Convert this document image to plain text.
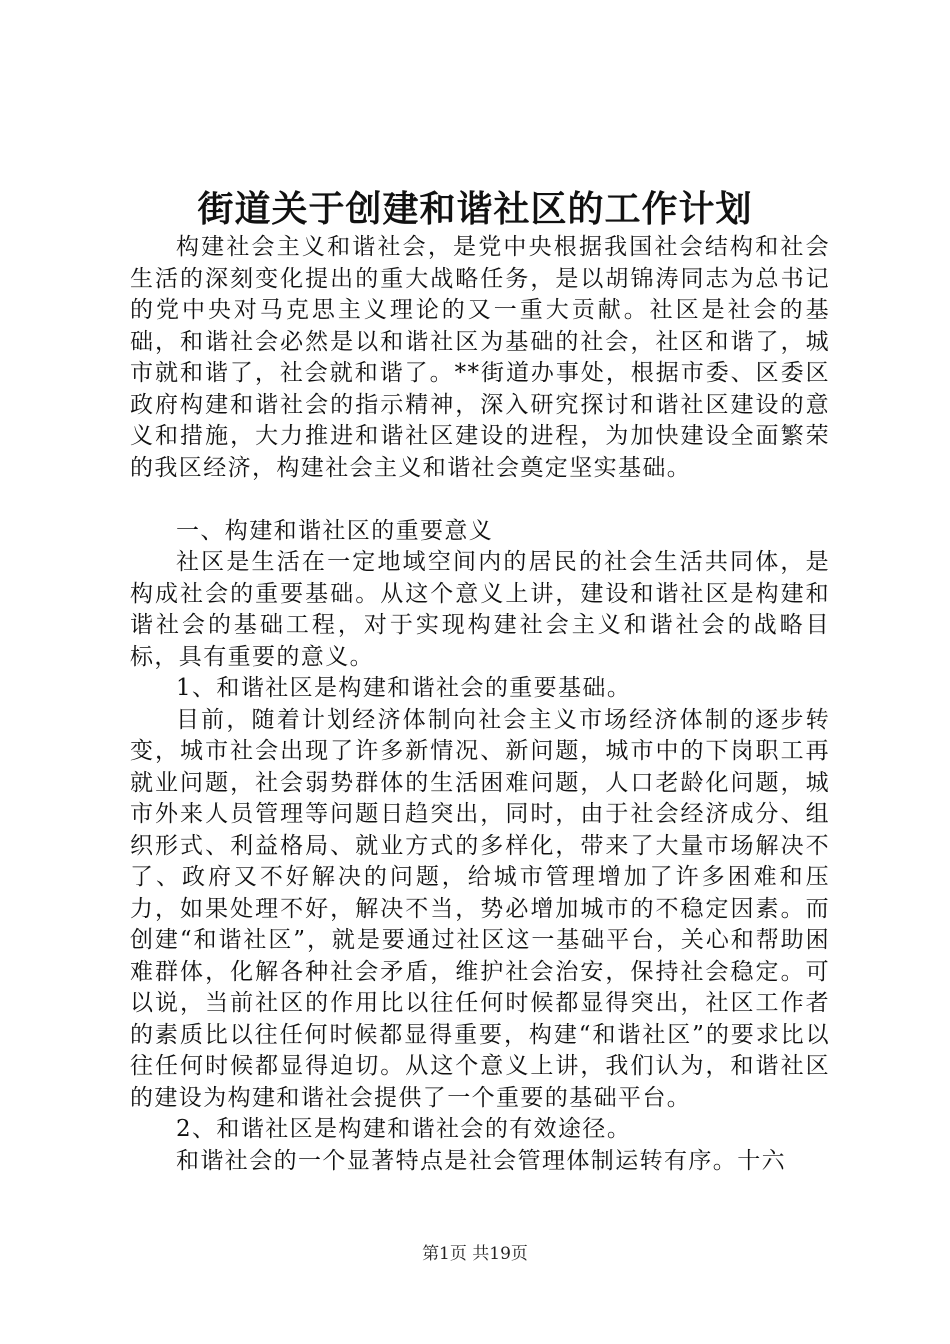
街道关于创建和谐社区的工作计划

构建社会主义和谐社会，是党中央根据我国社会结构和社会生活的深刻变化提出的重大战略任务，是以胡锦涛同志为总书记的党中央对马克思主义理论的又一重大贡献。社区是社会的基础，和谐社会必然是以和谐社区为基础的社会，社区和谐了，城市就和谐了，社会就和谐了。**街道办事处，根据市委、区委区政府构建和谐社会的指示精神，深入研究探讨和谐社区建设的意义和措施，大力推进和谐社区建设的进程，为加快建设全面繁荣的我区经济，构建社会主义和谐社会奠定坚实基础。

一、构建和谐社区的重要意义

社区是生活在一定地域空间内的居民的社会生活共同体，是构成社会的重要基础。从这个意义上讲，建设和谐社区是构建和谐社会的基础工程，对于实现构建社会主义和谐社会的战略目标，具有重要的意义。

1、和谐社区是构建和谐社会的重要基础。

目前，随着计划经济体制向社会主义市场经济体制的逐步转变，城市社会出现了许多新情况、新问题，城市中的下岗职工再就业问题，社会弱势群体的生活困难问题，人口老龄化问题，城市外来人员管理等问题日趋突出，同时，由于社会经济成分、组织形式、利益格局、就业方式的多样化，带来了大量市场解决不了、政府又不好解决的问题，给城市管理增加了许多困难和压力，如果处理不好，解决不当，势必增加城市的不稳定因素。而创建“和谐社区”，就是要通过社区这一基础平台，关心和帮助困难群体，化解各种社会矛盾，维护社会治安，保持社会稳定。可以说，当前社区的作用比以往任何时候都显得突出，社区工作者的素质比以往任何时候都显得重要，构建“和谐社区”的要求比以往任何时候都显得迫切。从这个意义上讲，我们认为，和谐社区的建设为构建和谐社会提供了一个重要的基础平台。

2、和谐社区是构建和谐社会的有效途径。

和谐社会的一个显著特点是社会管理体制运转有序。十六

第1页 共19页
